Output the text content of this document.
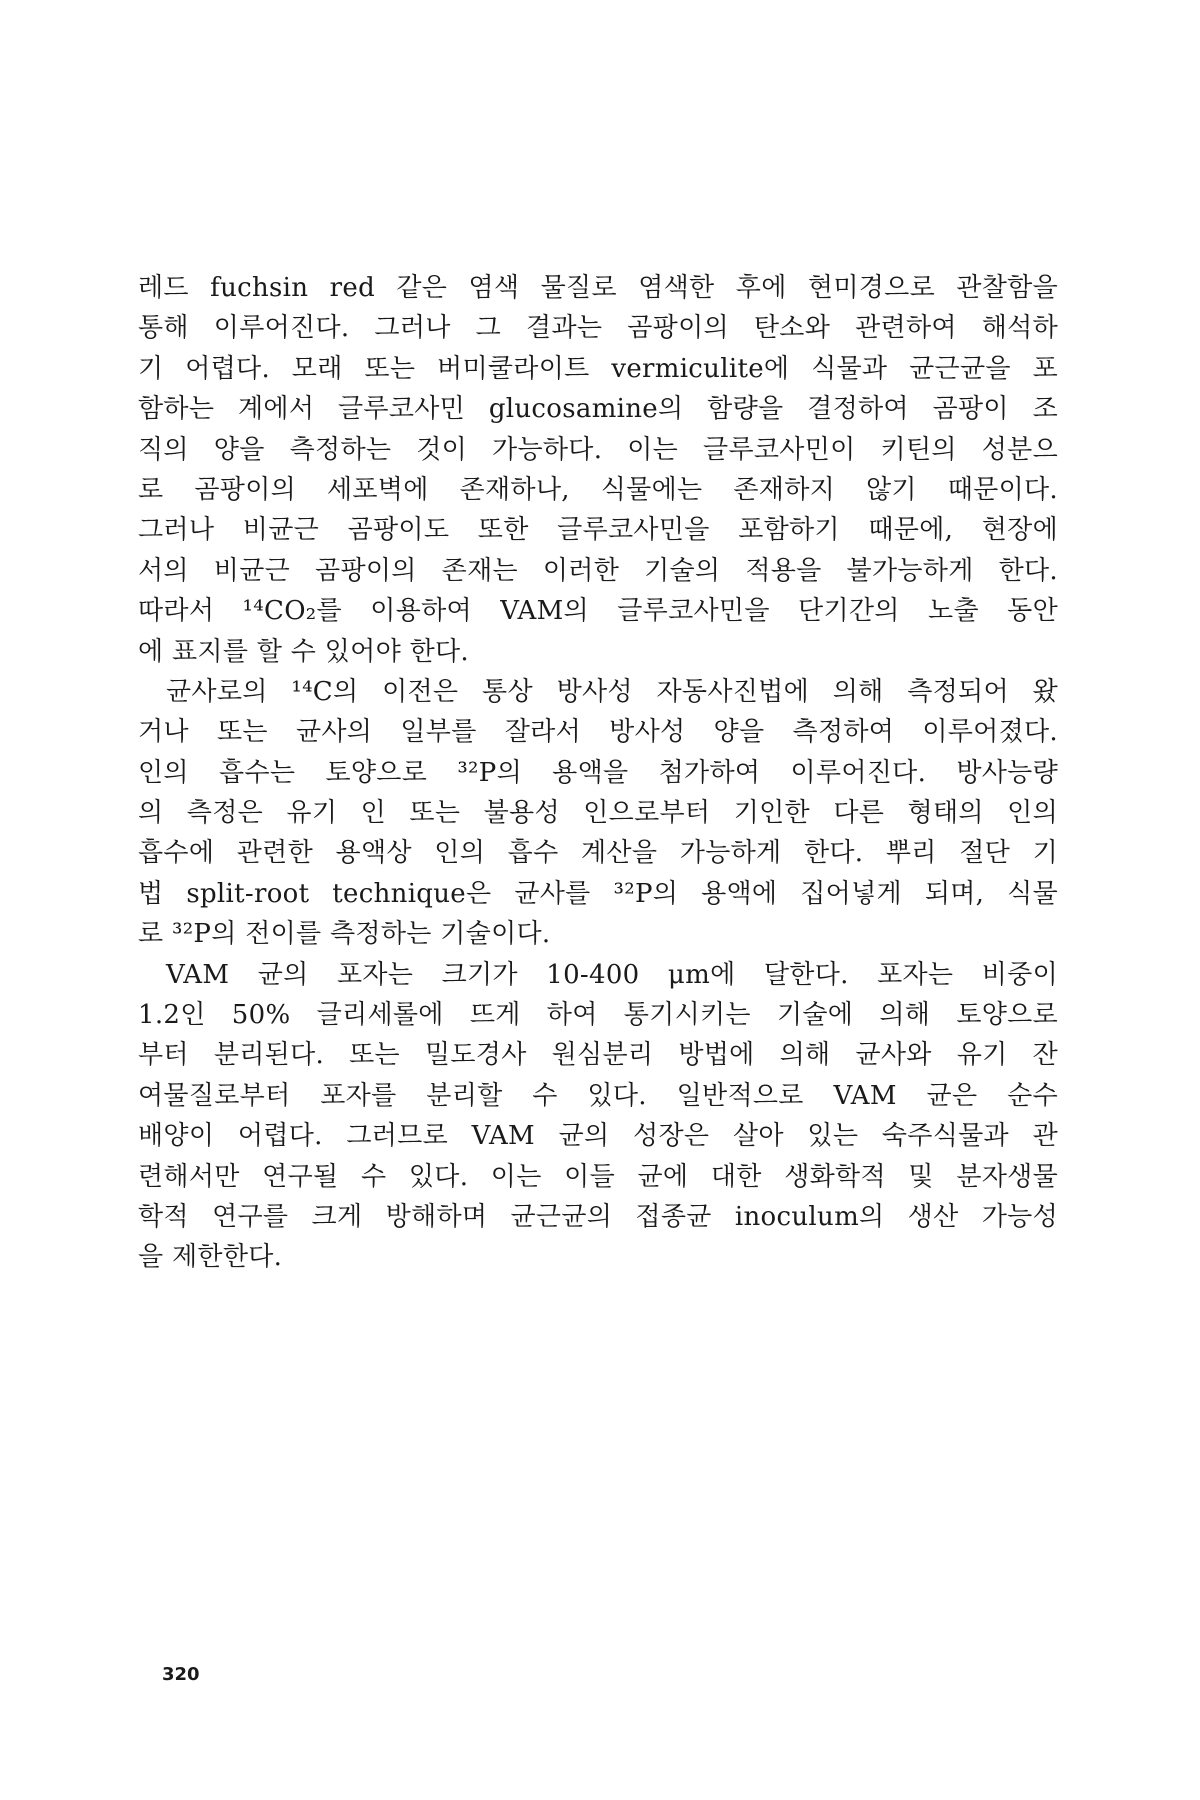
레드 fuchsin red 같은 염색 물질로 염색한 후에 현미경으로 관찰함을
통해 이루어진다. 그러나 그 결과는 곰팡이의 탄소와 관련하여 해석하
기 어렵다. 모래 또는 버미쿨라이트 vermiculite에 식물과 균근균을 포
함하는 계에서 글루코사민 glucosamine의 함량을 결정하여 곰팡이 조
직의 양을 측정하는 것이 가능하다. 이는 글루코사민이 키틴의 성분으
로 곰팡이의 세포벽에 존재하나, 식물에는 존재하지 않기 때문이다.
그러나 비균근 곰팡이도 또한 글루코사민을 포함하기 때문에, 현장에
서의 비균근 곰팡이의 존재는 이러한 기술의 적용을 불가능하게 한다.
따라서 ¹⁴CO₂를 이용하여 VAM의 글루코사민을 단기간의 노출 동안
에 표지를 할 수 있어야 한다.
균사로의 ¹⁴C의 이전은 통상 방사성 자동사진법에 의해 측정되어 왔
거나 또는 균사의 일부를 잘라서 방사성 양을 측정하여 이루어졌다.
인의 흡수는 토양으로 ³²P의 용액을 첨가하여 이루어진다. 방사능량
의 측정은 유기 인 또는 불용성 인으로부터 기인한 다른 형태의 인의
흡수에 관련한 용액상 인의 흡수 계산을 가능하게 한다. 뿌리 절단 기
법 split-root technique은 균사를 ³²P의 용액에 집어넣게 되며, 식물
로 ³²P의 전이를 측정하는 기술이다.
VAM 균의 포자는 크기가 10-400 μm에 달한다. 포자는 비중이
1.2인 50% 글리세롤에 뜨게 하여 통기시키는 기술에 의해 토양으로
부터 분리된다. 또는 밀도경사 원심분리 방법에 의해 균사와 유기 잔
여물질로부터 포자를 분리할 수 있다. 일반적으로 VAM 균은 순수
배양이 어렵다. 그러므로 VAM 균의 성장은 살아 있는 숙주식물과 관
련해서만 연구될 수 있다. 이는 이들 균에 대한 생화학적 및 분자생물
학적 연구를 크게 방해하며 균근균의 접종균 inoculum의 생산 가능성
을 제한한다.
320
